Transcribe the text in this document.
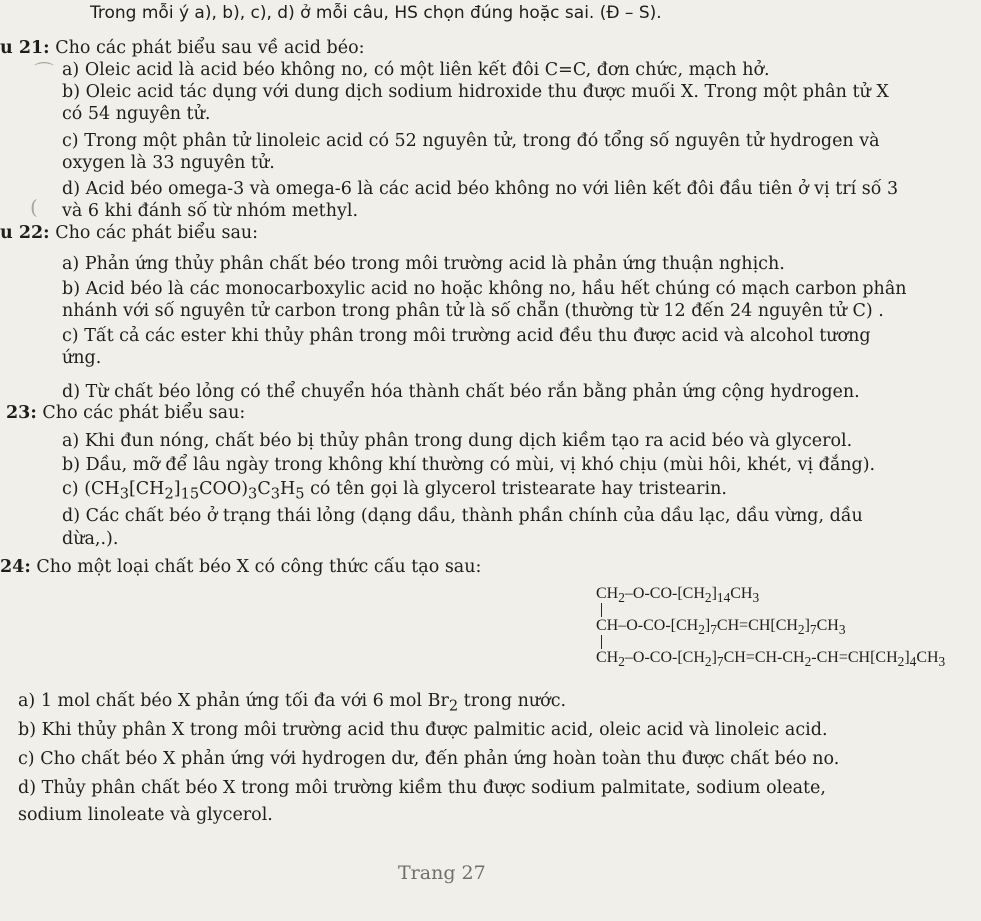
⌒
(
Trong mỗi ý a), b), c), d) ở mỗi câu, HS chọn đúng hoặc sai. (Đ – S).
u 21: Cho các phát biểu sau về acid béo:
a) Oleic acid là acid béo không no, có một liên kết đôi C=C, đơn chức, mạch hở.
b) Oleic acid tác dụng với dung dịch sodium hidroxide thu được muối X. Trong một phân tử X
có 54 nguyên tử.
c) Trong một phân tử linoleic acid có 52 nguyên tử, trong đó tổng số nguyên tử hydrogen và
oxygen là 33 nguyên tử.
d) Acid béo omega-3 và omega-6 là các acid béo không no với liên kết đôi đầu tiên ở vị trí số 3
và 6 khi đánh số từ nhóm methyl.
u 22: Cho các phát biểu sau:
a) Phản ứng thủy phân chất béo trong môi trường acid là phản ứng thuận nghịch.
b) Acid béo là các monocarboxylic acid no hoặc không no, hầu hết chúng có mạch carbon phân
nhánh với số nguyên tử carbon trong phân tử là số chẵn (thường từ 12 đến 24 nguyên tử C) .
c) Tất cả các ester khi thủy phân trong môi trường acid đều thu được acid và alcohol tương
ứng.
d) Từ chất béo lỏng có thể chuyển hóa thành chất béo rắn bằng phản ứng cộng hydrogen.
23: Cho các phát biểu sau:
a) Khi đun nóng, chất béo bị thủy phân trong dung dịch kiềm tạo ra acid béo và glycerol.
b) Dầu, mỡ để lâu ngày trong không khí thường có mùi, vị khó chịu (mùi hôi, khét, vị đắng).
c) $(CH_3[CH_2]_{15}COO)_3C_3H_5$ có tên gọi là glycerol tristearate hay tristearin.
d) Các chất béo ở trạng thái lỏng (dạng dầu, thành phần chính của dầu lạc, dầu vừng, dầu
dừa,.).
24: Cho một loại chất béo X có công thức cấu tạo sau:
$CH_2-O-CO-[CH_2]_{14}CH_3$
$CH-O-CO-[CH_2]_7CH=CH[CH_2]_7CH_3$
$CH_2-O-CO-[CH_2]_7CH=CH-CH_2-CH=CH[CH_2]_4CH_3$
a) 1 mol chất béo X phản ứng tối đa với 6 mol $Br_2$ trong nước.
b) Khi thủy phân X trong môi trường acid thu được palmitic acid, oleic acid và linoleic acid.
c) Cho chất béo X phản ứng với hydrogen dư, đến phản ứng hoàn toàn thu được chất béo no.
d) Thủy phân chất béo X trong môi trường kiềm thu được sodium palmitate, sodium oleate,
sodium linoleate và glycerol.
Trang 27
